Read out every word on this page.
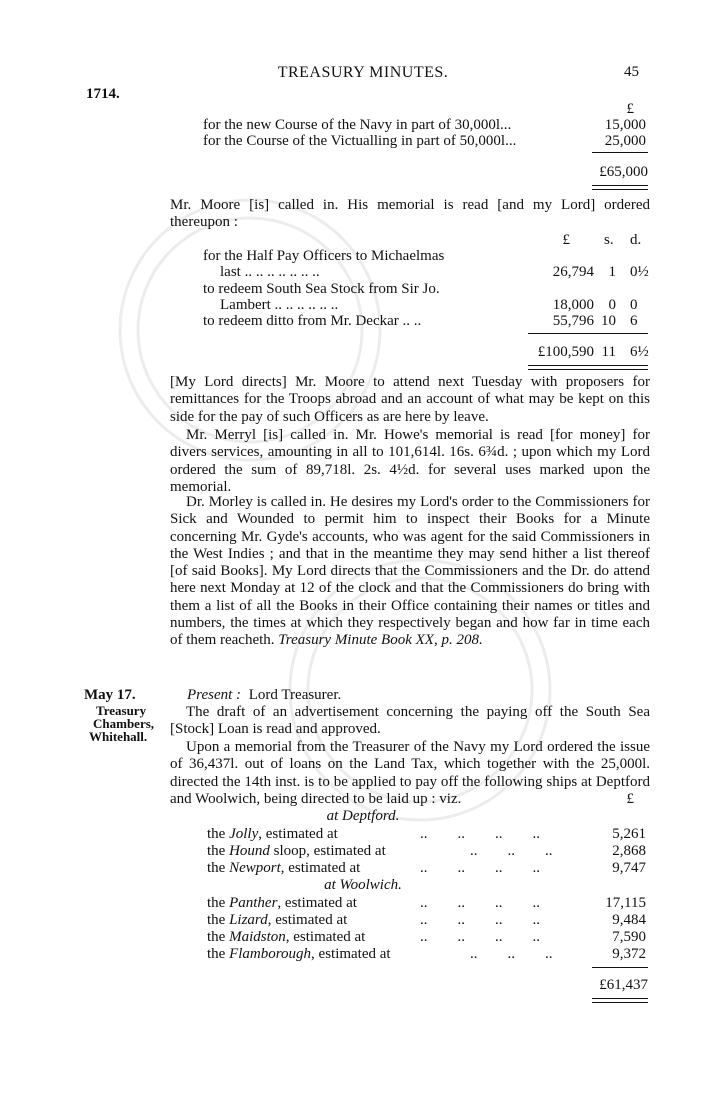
1714.
TREASURY MINUTES.	45
£
for the new Course of the Navy in part of 30,000l...	15,000
for the Course of the Victualling in part of 50,000l...	25,000
£65,000
Mr. Moore [is] called in. His memorial is read [and my Lord] ordered thereupon :
£ s. d.
for the Half Pay Officers to Michaelmas
last .. .. .. .. .. .. ..	26,794 1 0½
to redeem South Sea Stock from Sir Jo.
Lambert .. .. .. .. .. ..	18,000 0 0
to redeem ditto from Mr. Deckar .. ..	55,796 10 6
£100,590 11 6½
[My Lord directs] Mr. Moore to attend next Tuesday with proposers for remittances for the Troops abroad and an account of what may be kept on this side for the pay of such Officers as are here by leave.
Mr. Merryl [is] called in. Mr. Howe's memorial is read [for money] for divers services, amounting in all to 101,614l. 16s. 6¾d. ; upon which my Lord ordered the sum of 89,718l. 2s. 4½d. for several uses marked upon the memorial.
Dr. Morley is called in. He desires my Lord's order to the Commissioners for Sick and Wounded to permit him to inspect their Books for a Minute concerning Mr. Gyde's accounts, who was agent for the said Commissioners in the West Indies ; and that in the meantime they may send hither a list thereof [of said Books]. My Lord directs that the Commissioners and the Dr. do attend here next Monday at 12 of the clock and that the Commissioners do bring with them a list of all the Books in their Office containing their names or titles and numbers, the times at which they respectively began and how far in time each of them reacheth. Treasury Minute Book XX, p. 208.
May 17.
Treasury
Chambers,
Whitehall.
Present : Lord Treasurer.
The draft of an advertisement concerning the paying off the South Sea [Stock] Loan is read and approved.
Upon a memorial from the Treasurer of the Navy my Lord ordered the issue of 36,437l. out of loans on the Land Tax, which together with the 25,000l. directed the 14th inst. is to be applied to pay off the following ships at Deptford and Woolwich, being directed to be laid up : viz.	£
at Deptford.
the Jolly, estimated at	..        ..        ..        ..	5,261
the Hound sloop, estimated at	..        ..        ..	2,868
the Newport, estimated at	..        ..        ..        ..	9,747
at Woolwich.
the Panther, estimated at	..        ..        ..        ..	17,115
the Lizard, estimated at	..        ..        ..        ..	9,484
the Maidston, estimated at	..        ..        ..        ..	7,590
the Flamborough, estimated at	..        ..        ..	9,372
£61,437
